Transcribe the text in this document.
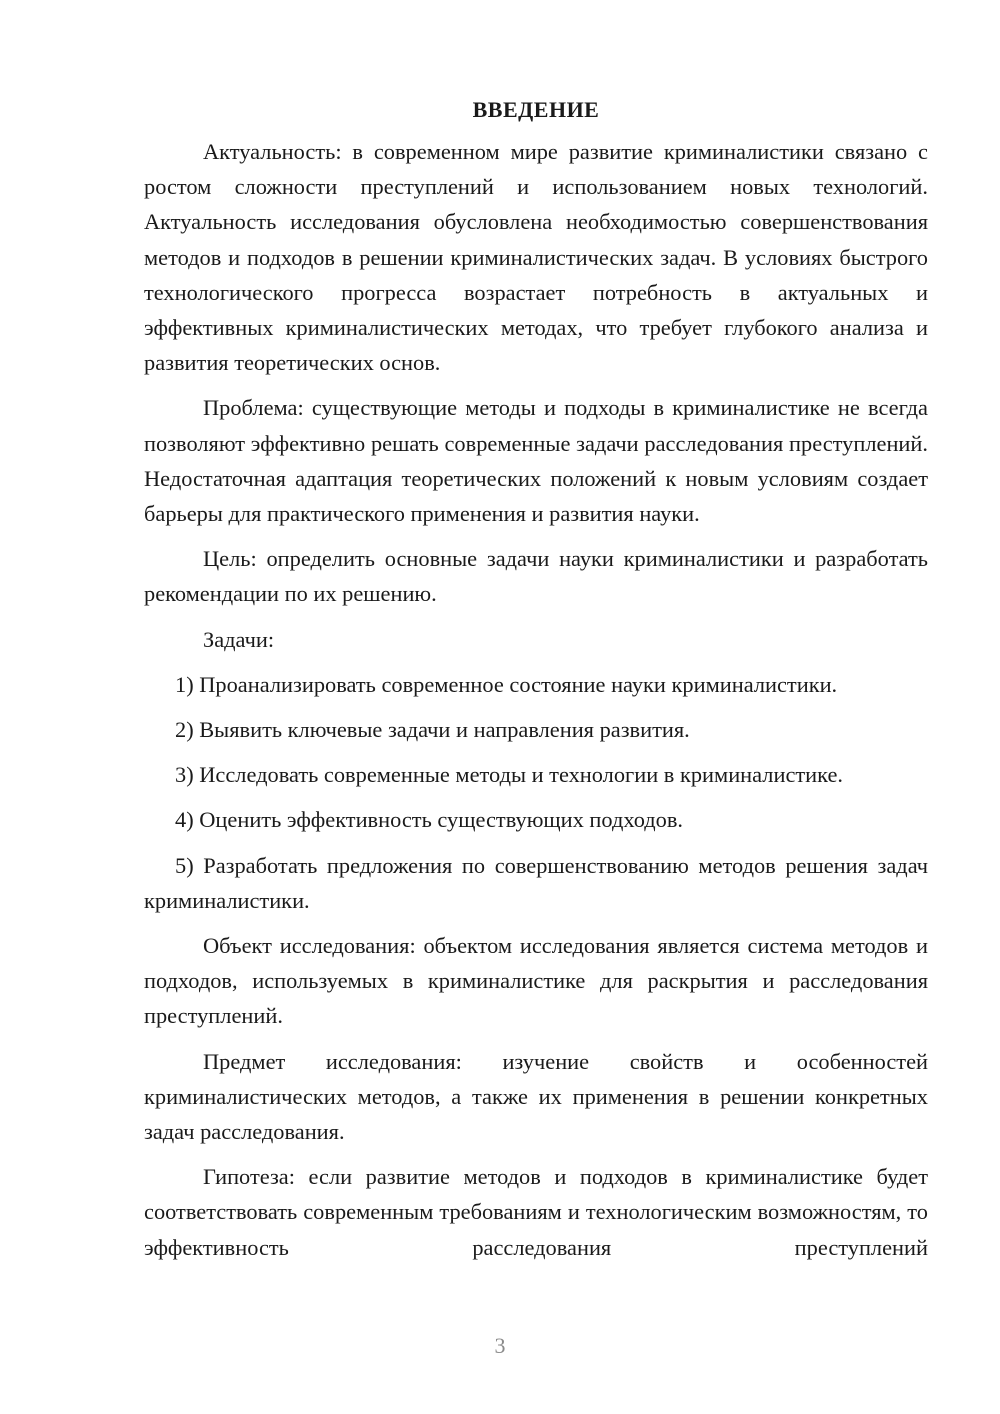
ВВЕДЕНИЕ

Актуальность: в современном мире развитие криминалистики связано с ростом сложности преступлений и использованием новых технологий. Актуальность исследования обусловлена необходимостью совершенствования методов и подходов в решении криминалистических задач. В условиях быстрого технологического прогресса возрастает потребность в актуальных и эффективных криминалистических методах, что требует глубокого анализа и развития теоретических основ.

Проблема: существующие методы и подходы в криминалистике не всегда позволяют эффективно решать современные задачи расследования преступлений. Недостаточная адаптация теоретических положений к новым условиям создает барьеры для практического применения и развития науки.

Цель: определить основные задачи науки криминалистики и разработать рекомендации по их решению.

Задачи:

1) Проанализировать современное состояние науки криминалистики.

2) Выявить ключевые задачи и направления развития.

3) Исследовать современные методы и технологии в криминалистике.

4) Оценить эффективность существующих подходов.

5) Разработать предложения по совершенствованию методов решения задач криминалистики.

Объект исследования: объектом исследования является система методов и подходов, используемых в криминалистике для раскрытия и расследования преступлений.

Предмет исследования: изучение свойств и особенностей криминалистических методов, а также их применения в решении конкретных задач расследования.

Гипотеза: если развитие методов и подходов в криминалистике будет соответствовать современным требованиям и технологическим возможностям, то эффективность расследования преступлений

3
